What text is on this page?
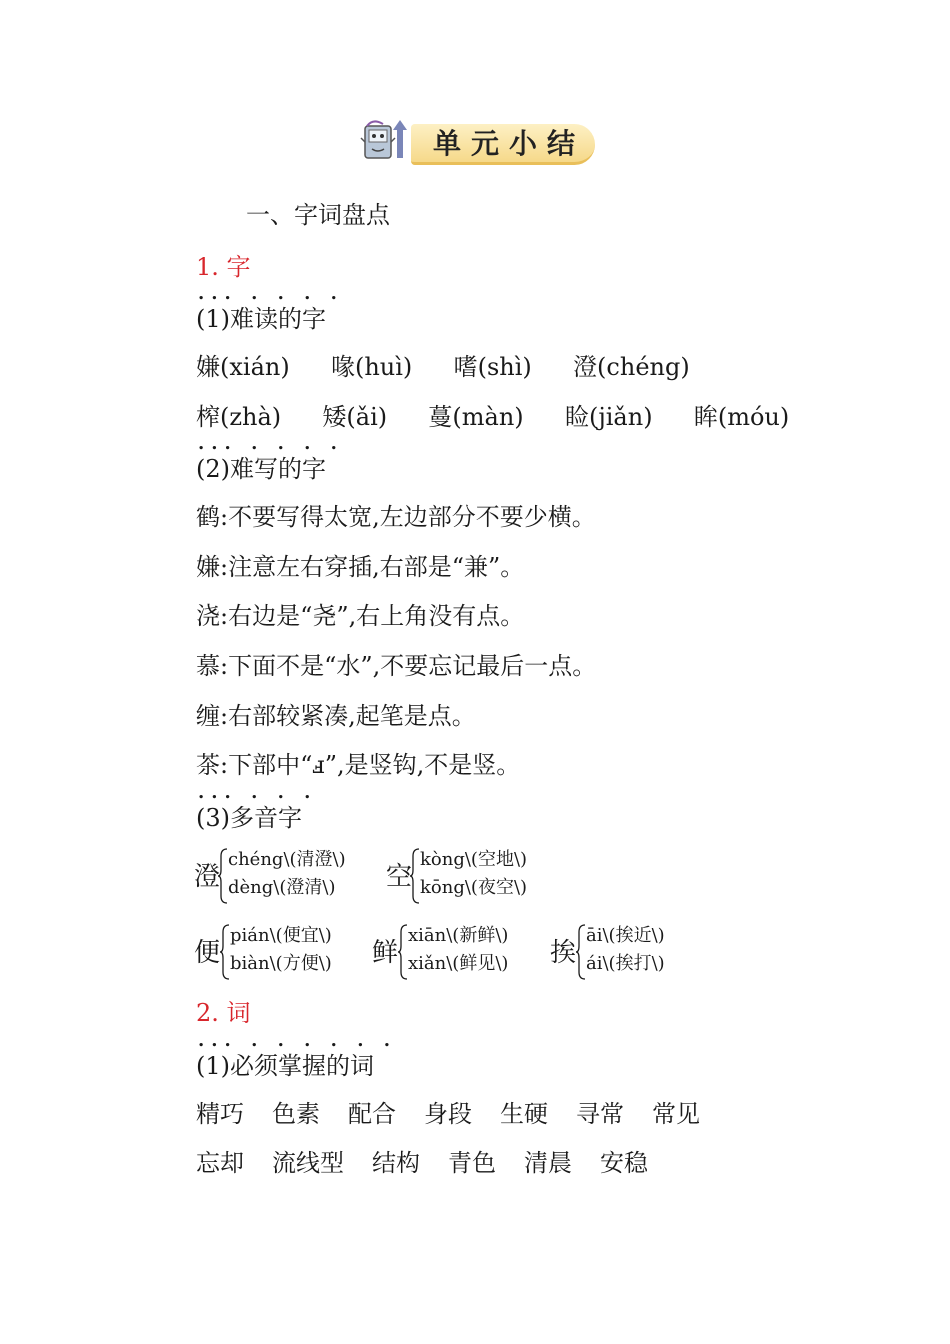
单元小结
一、字词盘点
1. 字
... . . . .
(1)难读的字
嫌(xián) 喙(huì) 嗜(shì) 澄(chéng)
榨(zhà) 矮(ǎi) 蔓(màn) 睑(jiǎn) 眸(móu)
... . . . .
(2)难写的字
鹤:不要写得太宽,左边部分不要少横。
嫌:注意左右穿插,右部是“兼”。
浇:右边是“尧”,右上角没有点。
慕:下面不是“水”,不要忘记最后一点。
缠:右部较紧凑,起笔是点。
茶:下部中“ⅎ”,是竖钩,不是竖。
... . . .
(3)多音字
澄
chéng\(清澄\)
dèng\(澄清\)	空
kòng\(空地\)
kōng\(夜空\)
便
pián\(便宜\)
biàn\(方便\) 鲜
xiān\(新鲜\)
xiǎn\(鲜见\) 挨
āi\(挨近\)
ái\(挨打\)
2. 词
... . . . . . .
(1)必须掌握的词
精巧 色素 配合 身段 生硬 寻常 常见
忘却 流线型 结构 青色 清晨 安稳
